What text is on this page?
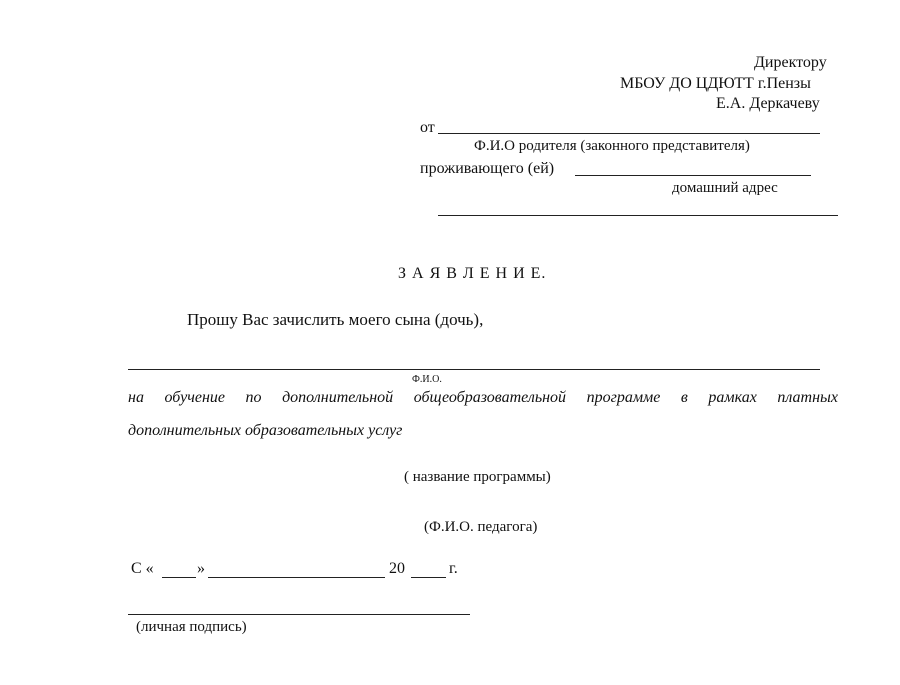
Директору
МБОУ ДО ЦДЮТТ г.Пензы
Е.А. Деркачеву
от
Ф.И.О родителя (законного представителя)
проживающего (ей)
домашний адрес
З А Я В Л Е Н И Е.
Прошу Вас зачислить моего сына (дочь),
Ф.И.О.
на обучение по дополнительной общеобразовательной программе в рамках платных
дополнительных образовательных услуг
( название программы)
(Ф.И.О. педагога)
С «	»	20	г.
(личная подпись)
